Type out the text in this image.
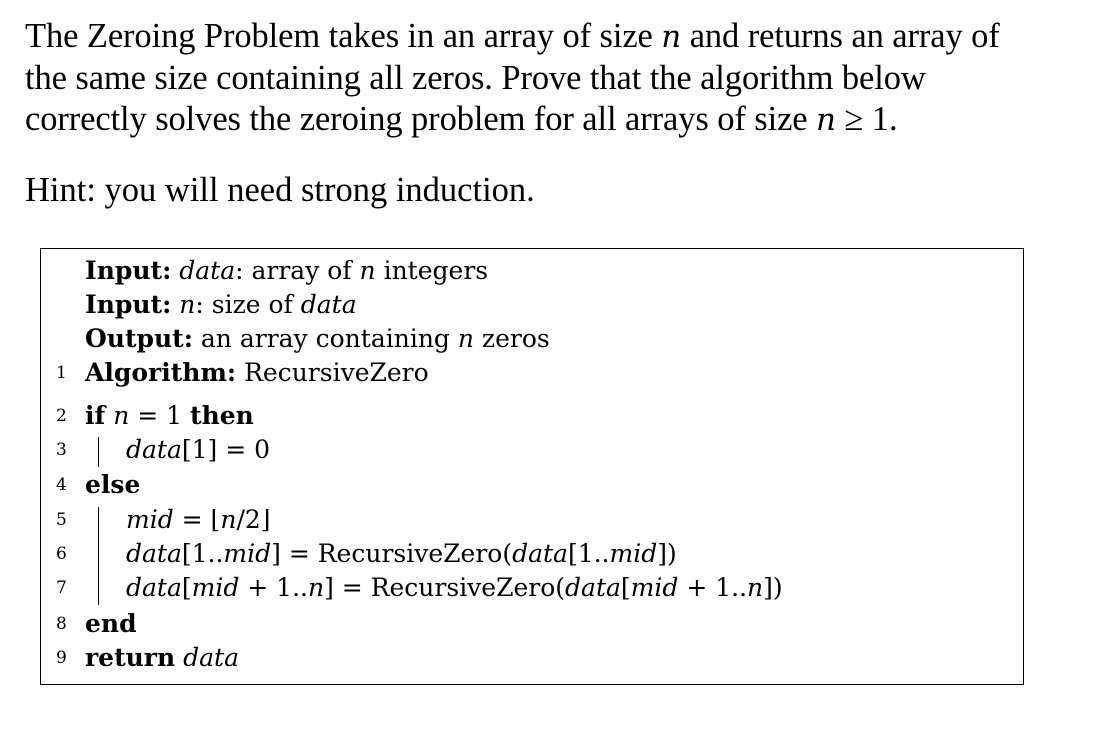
The Zeroing Problem takes in an array of size n and returns an array of
the same size containing all zeros. Prove that the algorithm below
correctly solves the zeroing problem for all arrays of size n ≥ 1.
Hint: you will need strong induction.
Input: data: array of n integers
Input: n: size of data
Output: an array containing n zeros
1 Algorithm: RecursiveZero
2 if n = 1 then
3	data[1] = 0
4 else
5	mid = ⌊n/2⌋
6	data[1..mid] = RecursiveZero(data[1..mid])
7	data[mid + 1..n] = RecursiveZero(data[mid + 1..n])
8 end
9 return data
